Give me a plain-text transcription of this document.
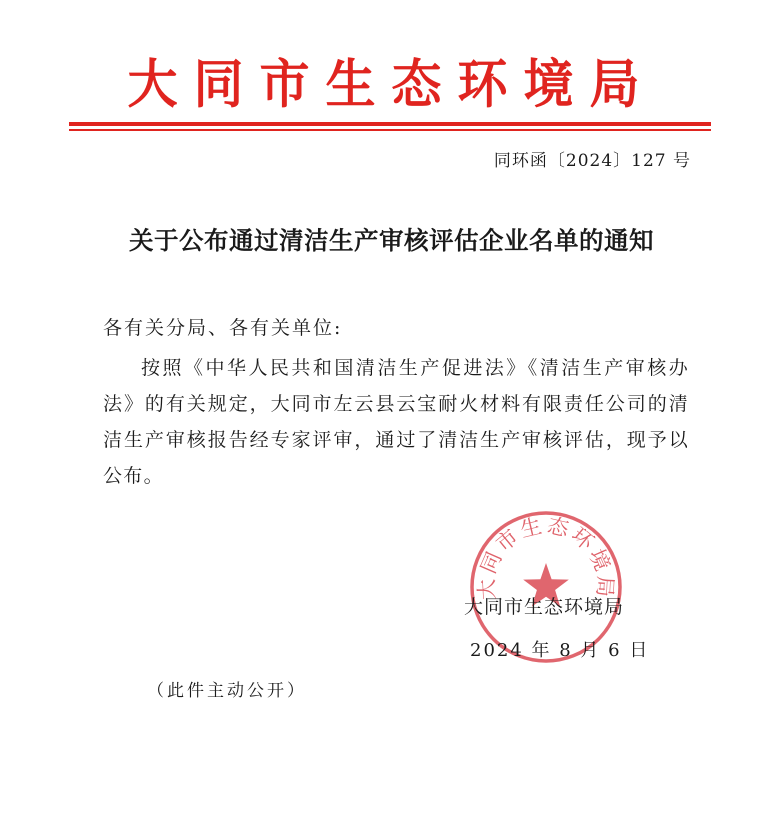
大同市生态环境局
同环函〔2024〕127 号
关于公布通过清洁生产审核评估企业名单的通知
各有关分局、各有关单位:
按照《中华人民共和国清洁生产促进法》《清洁生产审核办法》的有关规定，大同市左云县云宝耐火材料有限责任公司的清洁生产审核报告经专家评审，通过了清洁生产审核评估，现予以公布。
大同市生态环境局
大同市生态环境局
2024 年 8 月 6 日
（此件主动公开）
